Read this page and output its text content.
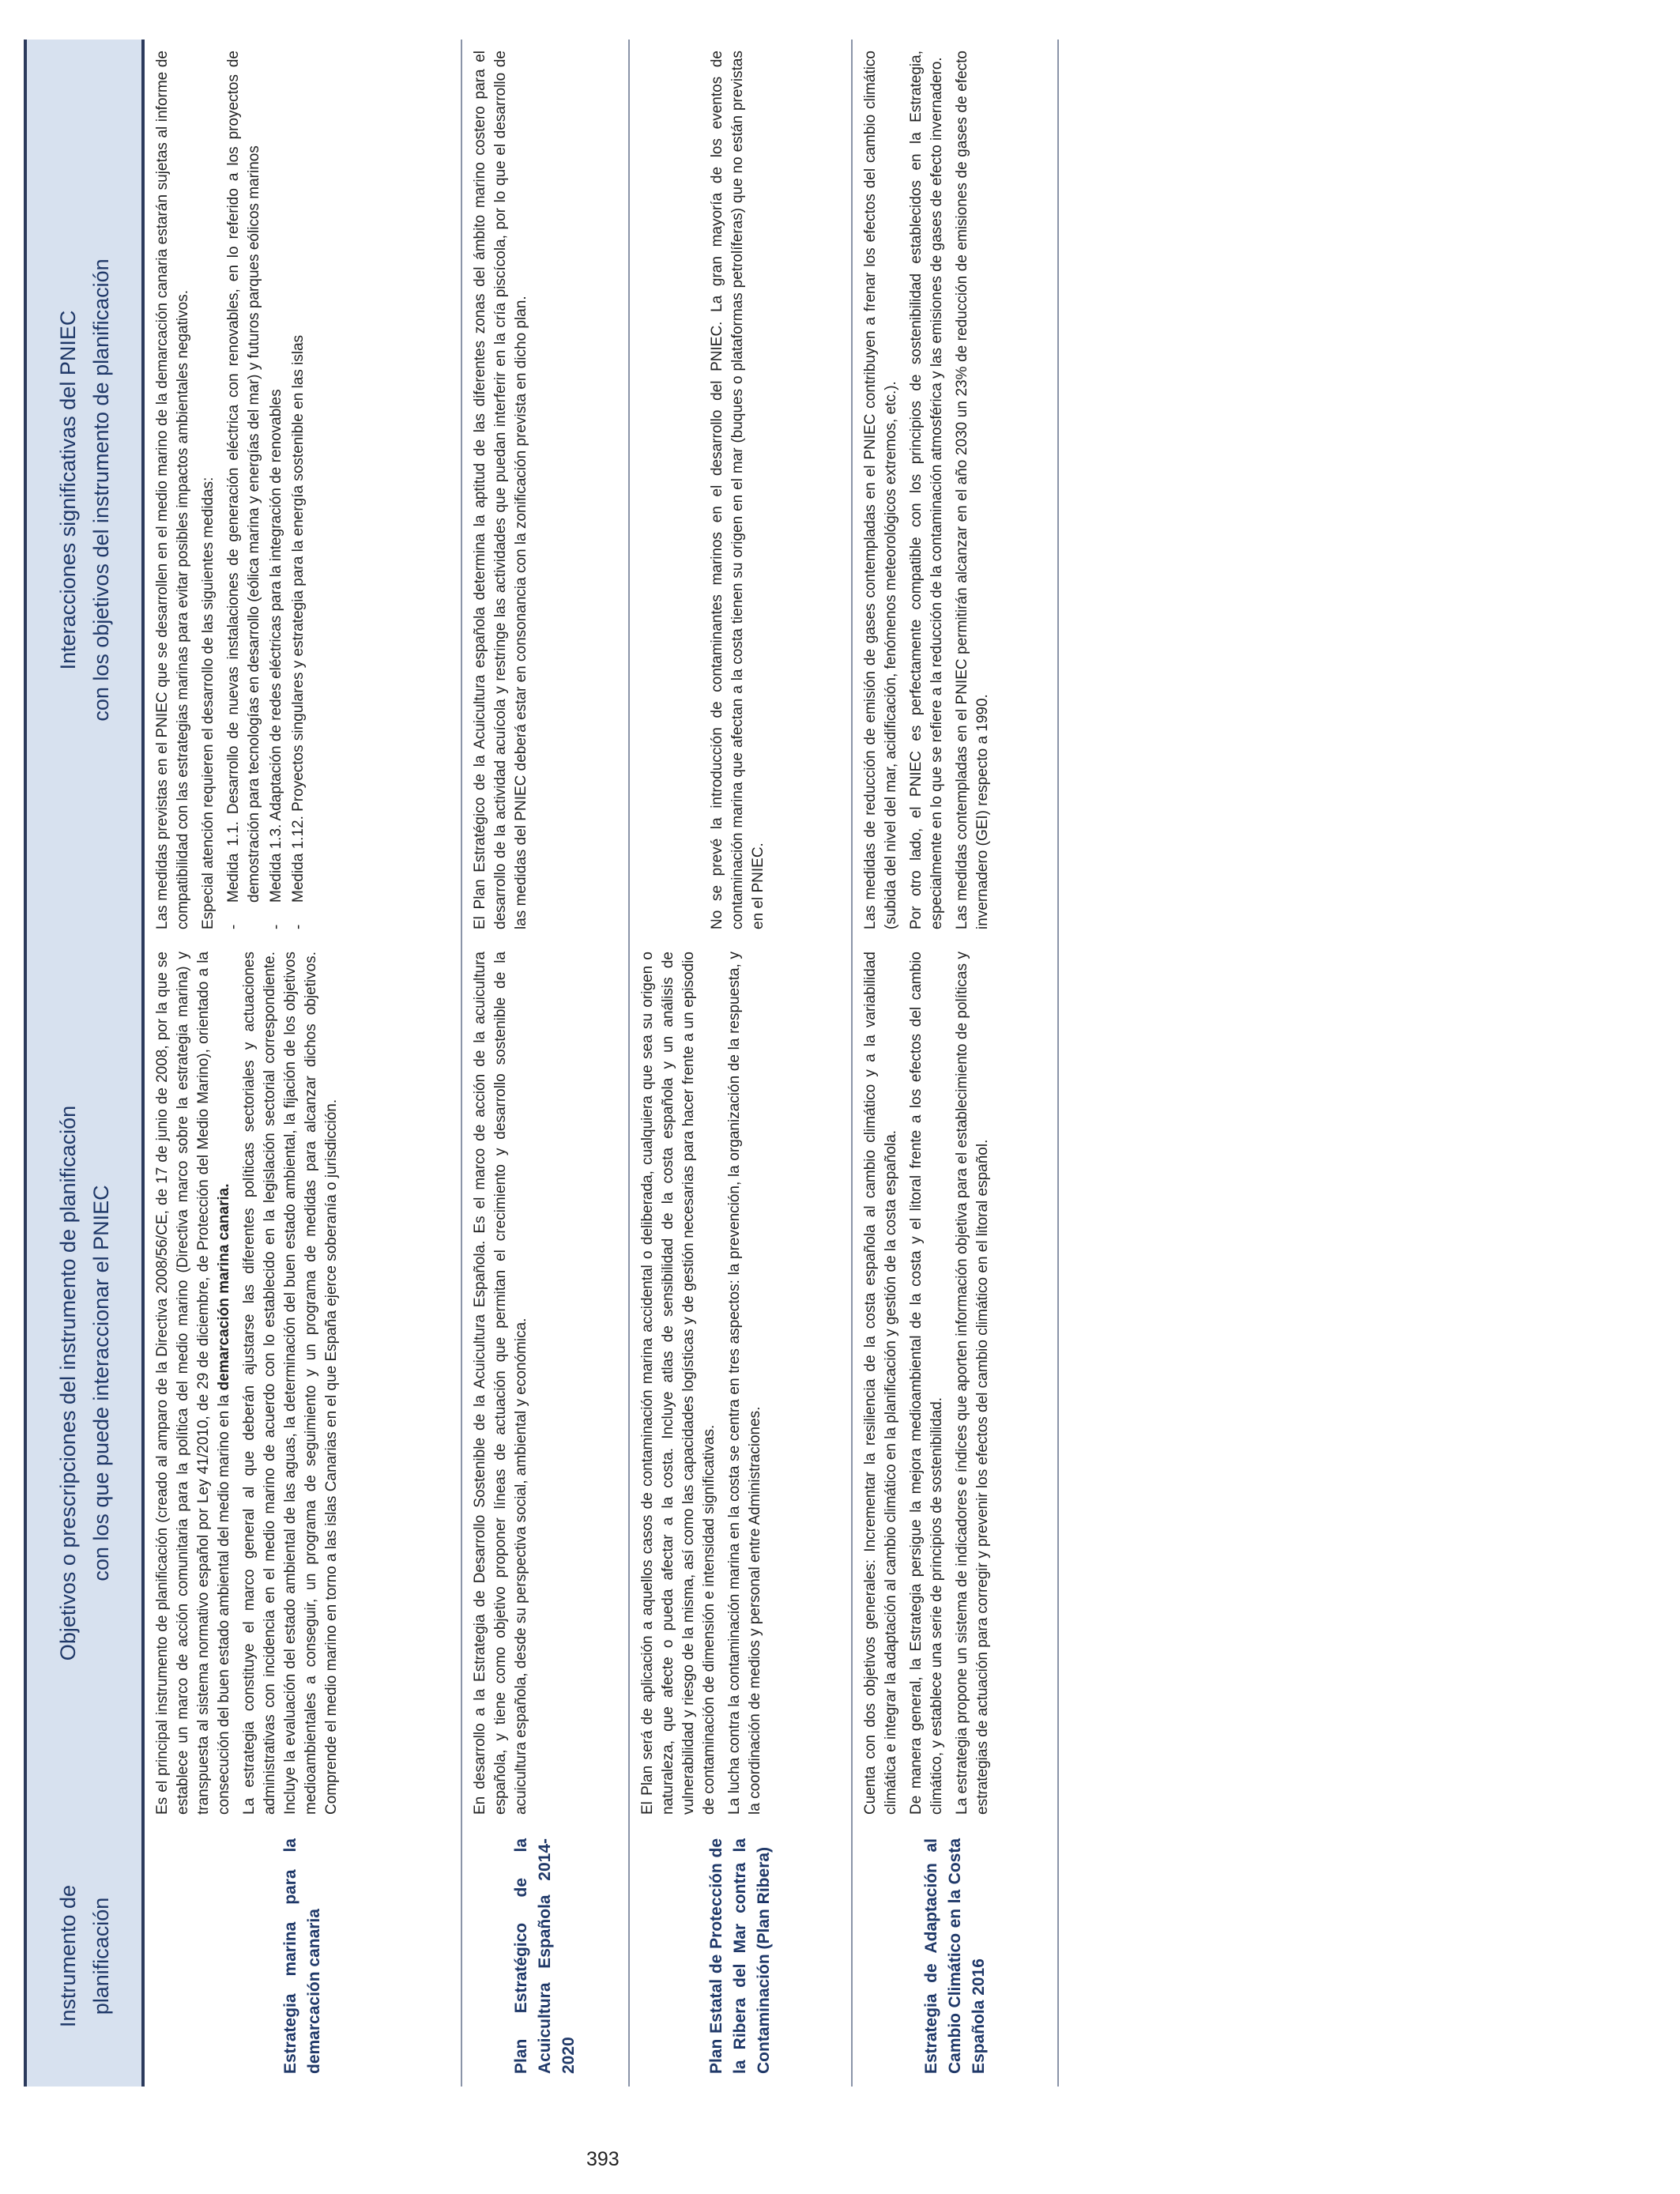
393
Instrumento de planificación
Objetivos o prescripciones del instrumento de planificación con los que puede interaccionar el PNIEC
Interacciones significativas del PNIEC con los objetivos del instrumento de planificación
Estrategia marina para la demarcación canaria

Es el principal instrumento de planificación (creado al amparo de la Directiva 2008/56/CE, de 17 de junio de 2008, por la que se establece un marco de acción comunitaria para la política del medio marino (Directiva marco sobre la estrategia marina) y transpuesta al sistema normativo español por Ley 41/2010, de 29 de diciembre, de Protección del Medio Marino), orientado a la consecución del buen estado ambiental del medio marino en la demarcación marina canaria. La estrategia constituye el marco general al que deberán ajustarse las diferentes políticas sectoriales y actuaciones administrativas con incidencia en el medio marino de acuerdo con lo establecido en la legislación sectorial correspondiente. Incluye la evaluación del estado ambiental de las aguas, la determinación del buen estado ambiental, la fijación de los objetivos medioambientales a conseguir, un programa de seguimiento y un programa de medidas para alcanzar dichos objetivos. Comprende el medio marino en torno a las islas Canarias en el que España ejerce soberanía o jurisdicción.

Las medidas previstas en el PNIEC que se desarrollen en el medio marino de la demarcación canaria estarán sujetas al informe de compatibilidad con las estrategias marinas para evitar posibles impactos ambientales negativos. Especial atención requieren el desarrollo de las siguientes medidas: - Medida 1.1. Desarrollo de nuevas instalaciones de generación eléctrica con renovables, en lo referido a los proyectos de demostración para tecnologías en desarrollo (eólica marina y energías del mar) y futuros parques eólicos marinos - Medida 1.3. Adaptación de redes eléctricas para la integración de renovables - Medida 1.12. Proyectos singulares y estrategia para la energía sostenible en las islas
Plan Estratégico de la Acuicultura Española 2014-2020

En desarrollo a la Estrategia de Desarrollo Sostenible de la Acuicultura Española. Es el marco de acción de la acuicultura española, y tiene como objetivo proponer líneas de actuación que permitan el crecimiento y desarrollo sostenible de la acuicultura española, desde su perspectiva social, ambiental y económica.

El Plan Estratégico de la Acuicultura española determina la aptitud de las diferentes zonas del ámbito marino costero para el desarrollo de la actividad acuícola y restringe las actividades que puedan interferir en la cría piscícola, por lo que el desarrollo de las medidas del PNIEC deberá estar en consonancia con la zonificación prevista en dicho plan.

Plan Estatal de Protección de la Ribera del Mar contra la Contaminación (Plan Ribera)

El Plan será de aplicación a aquellos casos de contaminación marina accidental o deliberada, cualquiera que sea su origen o naturaleza, que afecte o pueda afectar a la costa. Incluye atlas de sensibilidad de la costa española y un análisis de vulnerabilidad y riesgo de la misma, así como las capacidades logísticas y de gestión necesarias para hacer frente a un episodio de contaminación de dimensión e intensidad significativas. La lucha contra la contaminación marina en la costa se centra en tres aspectos: la prevención, la organización de la respuesta, y la coordinación de medios y personal entre Administraciones.

No se prevé la introducción de contaminantes marinos en el desarrollo del PNIEC. La gran mayoría de los eventos de contaminación marina que afectan a la costa tienen su origen en el mar (buques o plataformas petrolíferas) que no están previstas en el PNIEC.

Estrategia de Adaptación al Cambio Climático en la Costa Española 2016

Cuenta con dos objetivos generales: Incrementar la resiliencia de la costa española al cambio climático y a la variabilidad climática e integrar la adaptación al cambio climático en la planificación y gestión de la costa española. De manera general, la Estrategia persigue la mejora medioambiental de la costa y el litoral frente a los efectos del cambio climático, y establece una serie de principios de sostenibilidad. La estrategia propone un sistema de indicadores e índices que aporten información objetiva para el establecimiento de políticas y estrategias de actuación para corregir y prevenir los efectos del cambio climático en el litoral español.

Las medidas de reducción de emisión de gases contempladas en el PNIEC contribuyen a frenar los efectos del cambio climático (subida del nivel del mar, acidificación, fenómenos meteorológicos extremos, etc.). Por otro lado, el PNIEC es perfectamente compatible con los principios de sostenibilidad establecidos en la Estrategia, especialmente en lo que se refiere a la reducción de la contaminación atmosférica y las emisiones de gases de efecto invernadero. Las medidas contempladas en el PNIEC permitirán alcanzar en el año 2030 un 23% de reducción de emisiones de gases de efecto invernadero (GEI) respecto a 1990.
